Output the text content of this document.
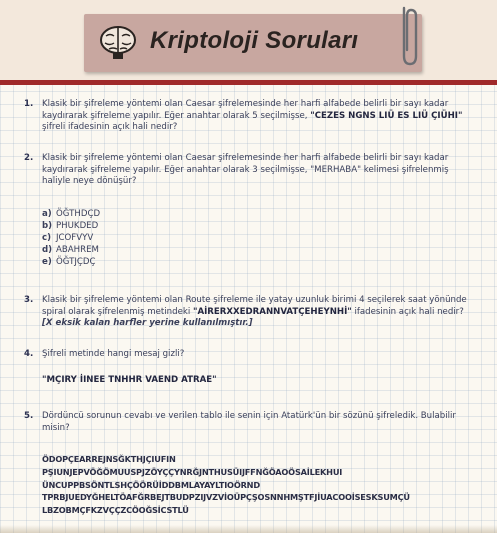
Kriptoloji Soruları
1. Klasik bir şifreleme yöntemi olan Caesar şifrelemesinde her harfi alfabede belirli bir sayı kadar kaydırarak şifreleme yapılır. Eğer anahtar olarak 5 seçilmişse, "CEZES NGNS LIÜ ES LIÜ ÇIÜHI" şifreli ifadesinin açık hali nedir?
2. Klasik bir şifreleme yöntemi olan Caesar şifrelemesinde her harfi alfabede belirli bir sayı kadar kaydırarak şifreleme yapılır. Eğer anahtar olarak 3 seçilmişse, "MERHABA" kelimesi şifrelenmiş haliyle neye dönüşür?
a) ÖĞTHDÇD
b) PHUKDED
c) JCOFVYV
d) ABAHREM
e) ÖĞTJÇDÇ
3. Klasik bir şifreleme yöntemi olan Route şifreleme ile yatay uzunluk birimi 4 seçilerek saat yönünde spiral olarak şifrelenmiş metindeki "AİRERXXEDRANNVATÇEHEYNHİ" ifadesinin açık hali nedir? [X eksik kalan harfler yerine kullanılmıştır.]
4. Şifreli metinde hangi mesaj gizli?
"MÇIRY İINEE TNHHR VAEND ATRAE"
5. Dördüncü sorunun cevabı ve verilen tablo ile senin için Atatürk'ün bir sözünü şifreledik. Bulabilir misin?
ÖDOPÇEARREJNSĞKTHJÇIUFIN
PŞIUNJEPVÖĞÖMUUSPJZÖYÇÇYNRĞJNTHUSÜIJFFNĞÖAOÖSAİLEKHUI
ÜNCUPPBSÖNTLSHÇÖÖRÜİDDBMLAYAYLTIOÖRND
TPRBJUEDYĞHELTÖAFĞRBEJTBUDPZIJVZVİOÜPÇŞOSNNHMŞTFJİUACOOİSESKSUMÇÜ
LBZOBMÇFKZVÇÇZCÖOĞSİCSTLÜ
